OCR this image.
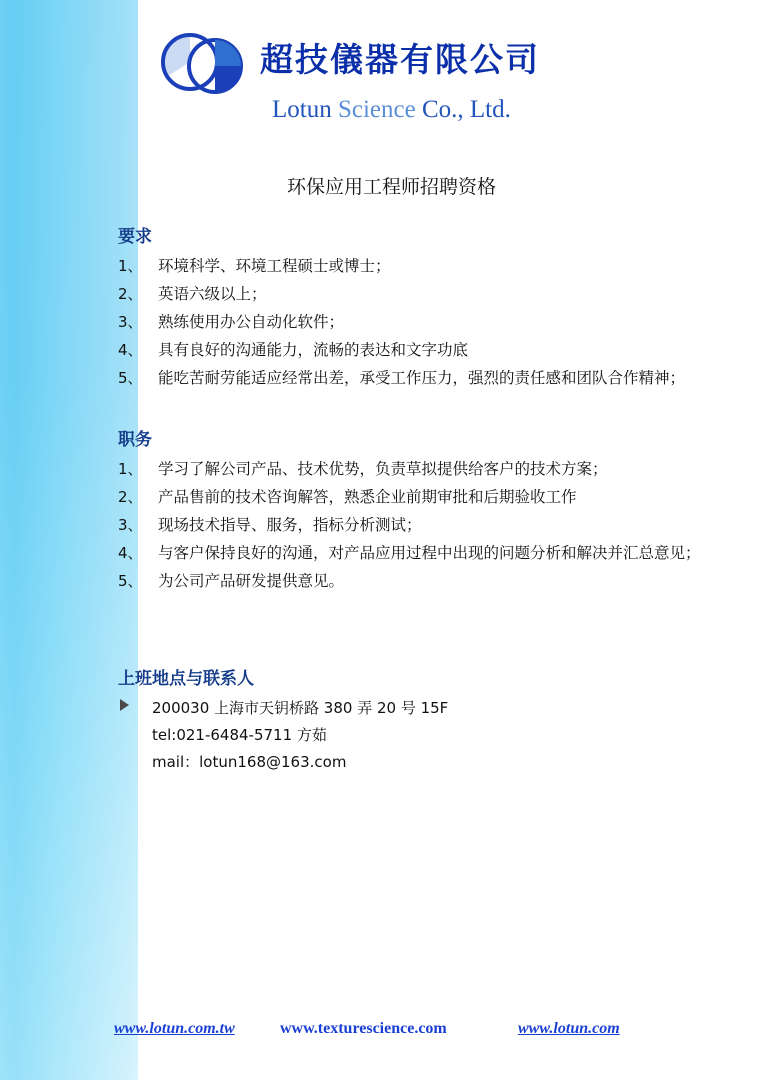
超技儀器有限公司
Lotun Science Co., Ltd.
环保应用工程师招聘资格
要求
1、 环境科学、环境工程硕士或博士；
2、 英语六级以上；
3、 熟练使用办公自动化软件；
4、 具有良好的沟通能力，流畅的表达和文字功底
5、 能吃苦耐劳能适应经常出差，承受工作压力，强烈的责任感和团队合作精神；
职务
1、 学习了解公司产品、技术优势，负责草拟提供给客户的技术方案；
2、 产品售前的技术咨询解答，熟悉企业前期审批和后期验收工作
3、 现场技术指导、服务，指标分析测试；
4、 与客户保持良好的沟通，对产品应用过程中出现的问题分析和解决并汇总意见；
5、 为公司产品研发提供意见。
上班地点与联系人
200030 上海市天钥桥路 380 弄 20 号 15F
tel:021-6484-5711 方茹
mail：lotun168@163.com
www.lotun.com.tw	www.texturescience.com	www.lotun.com
